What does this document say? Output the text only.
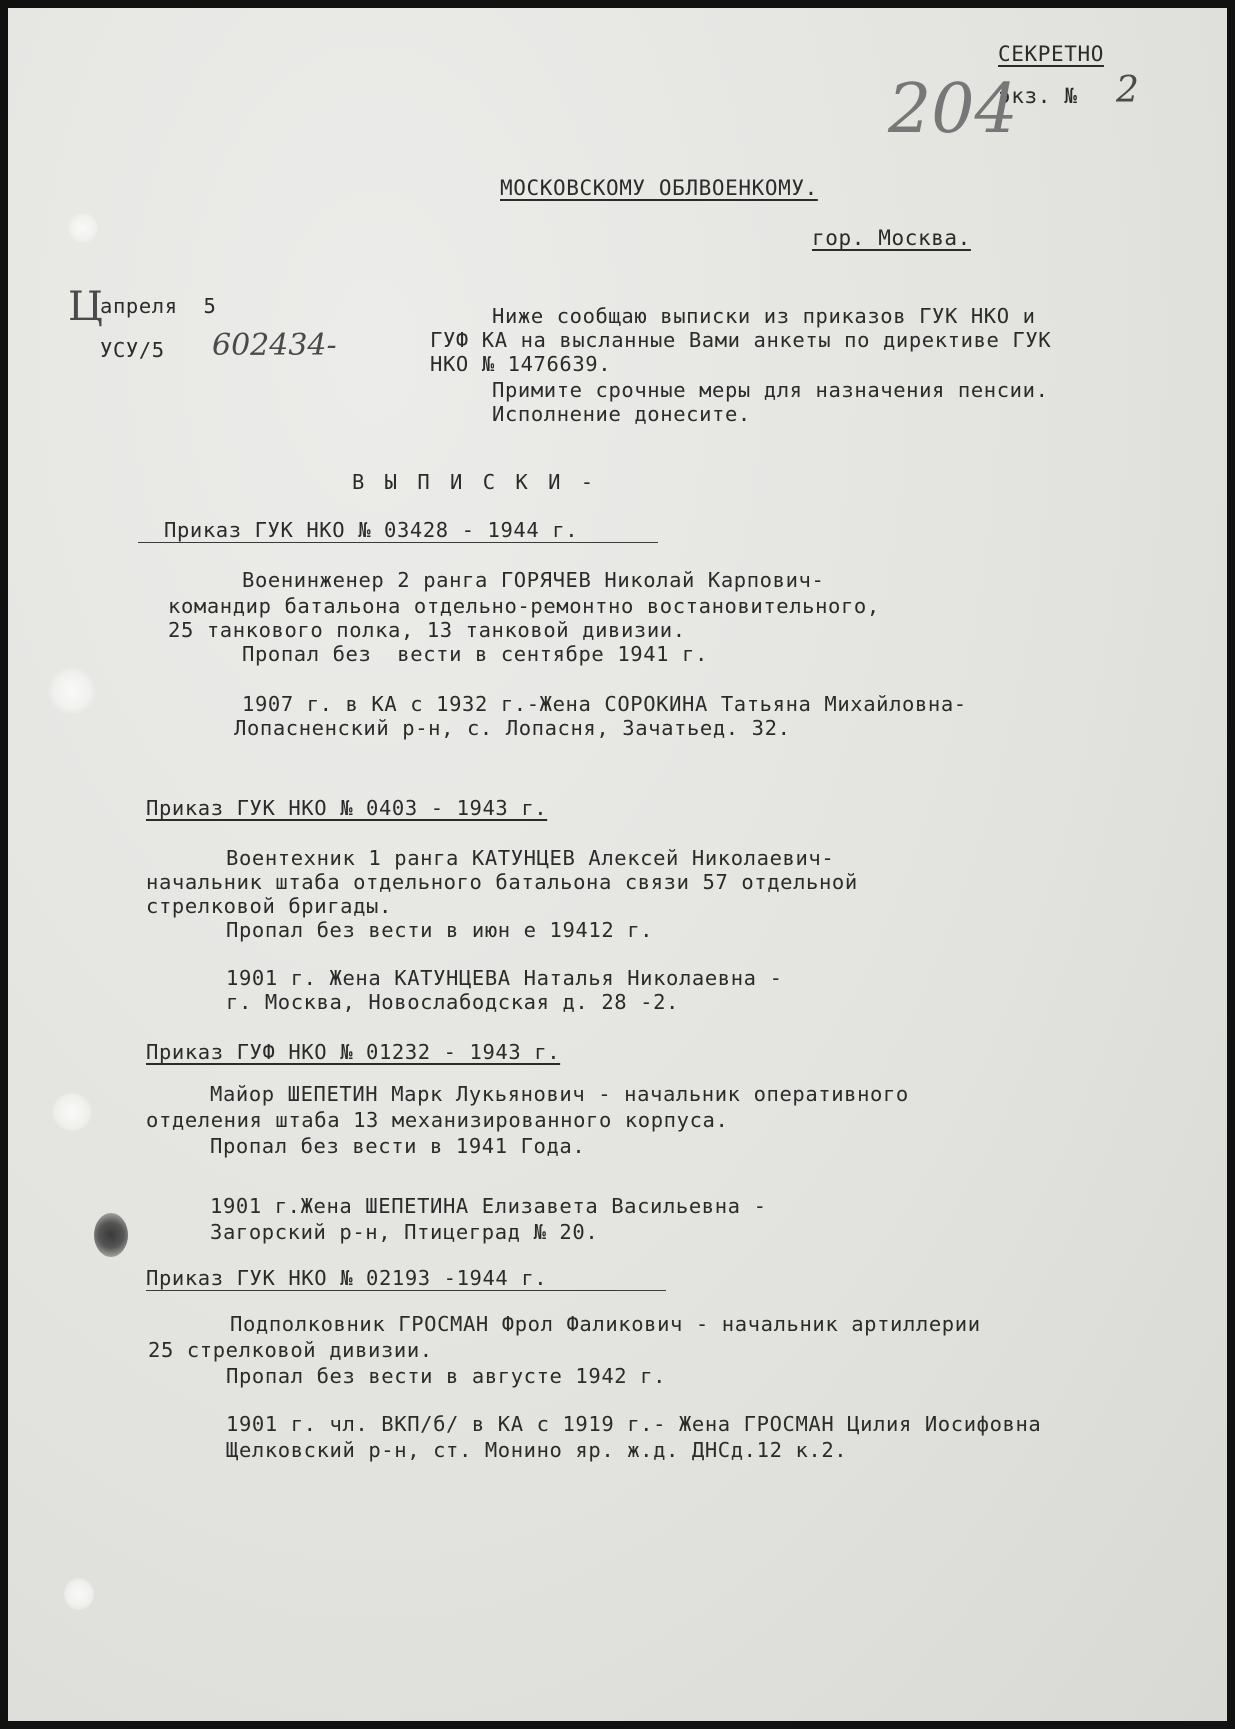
СЕКРЕТНО
экз. № 2
204
МОСКОВСКОМУ ОБЛВОЕНКОМУ.
гор. Москва.
Ц
апреля  5
УСУ/5 602434-
Ниже сообщаю выписки из приказов ГУК НКО и
ГУФ КА на высланные Вами анкеты по директиве ГУК
НКО № 1476639.
Примите срочные меры для назначения пенсии.
Исполнение донесите.
В Ы П И С К И -
Приказ ГУК НКО № 03428 - 1944 г.
Военинженер 2 ранга ГОРЯЧЕВ Николай Карпович-
командир батальона отдельно-ремонтно востановительного,
25 танкового полка, 13 танковой дивизии.
Пропал без  вести в сентябре 1941 г.
1907 г. в КА с 1932 г.-Жена СОРОКИНА Татьяна Михайловна-
Лопасненский р-н, с. Лопасня, Зачатьед. 32.
Приказ ГУК НКО № 0403 - 1943 г.
Воентехник 1 ранга КАТУНЦЕВ Алексей Николаевич-
начальник штаба отдельного батальона связи 57 отдельной
стрелковой бригады.
Пропал без вести в июн е 19412 г.
1901 г. Жена КАТУНЦЕВА Наталья Николаевна -
г. Москва, Новослабодская д. 28 -2.
Приказ ГУФ НКО № 01232 - 1943 г.
Майор ШЕПЕТИН Марк Лукьянович - начальник оперативного
отделения штаба 13 механизированного корпуса.
Пропал без вести в 1941 Года.
1901 г.Жена ШЕПЕТИНА Елизавета Васильевна -
Загорский р-н, Птицеград № 20.
Приказ ГУК НКО № 02193 -1944 г.
Подполковник ГРОСМАН Фрол Фаликович - начальник артиллерии
25 стрелковой дивизии.
Пропал без вести в августе 1942 г.
1901 г. чл. ВКП/б/ в КА с 1919 г.- Жена ГРОСМАН Цилия Иосифовна
Щелковский р-н, ст. Монино яр. ж.д. ДНСд.12 к.2.
